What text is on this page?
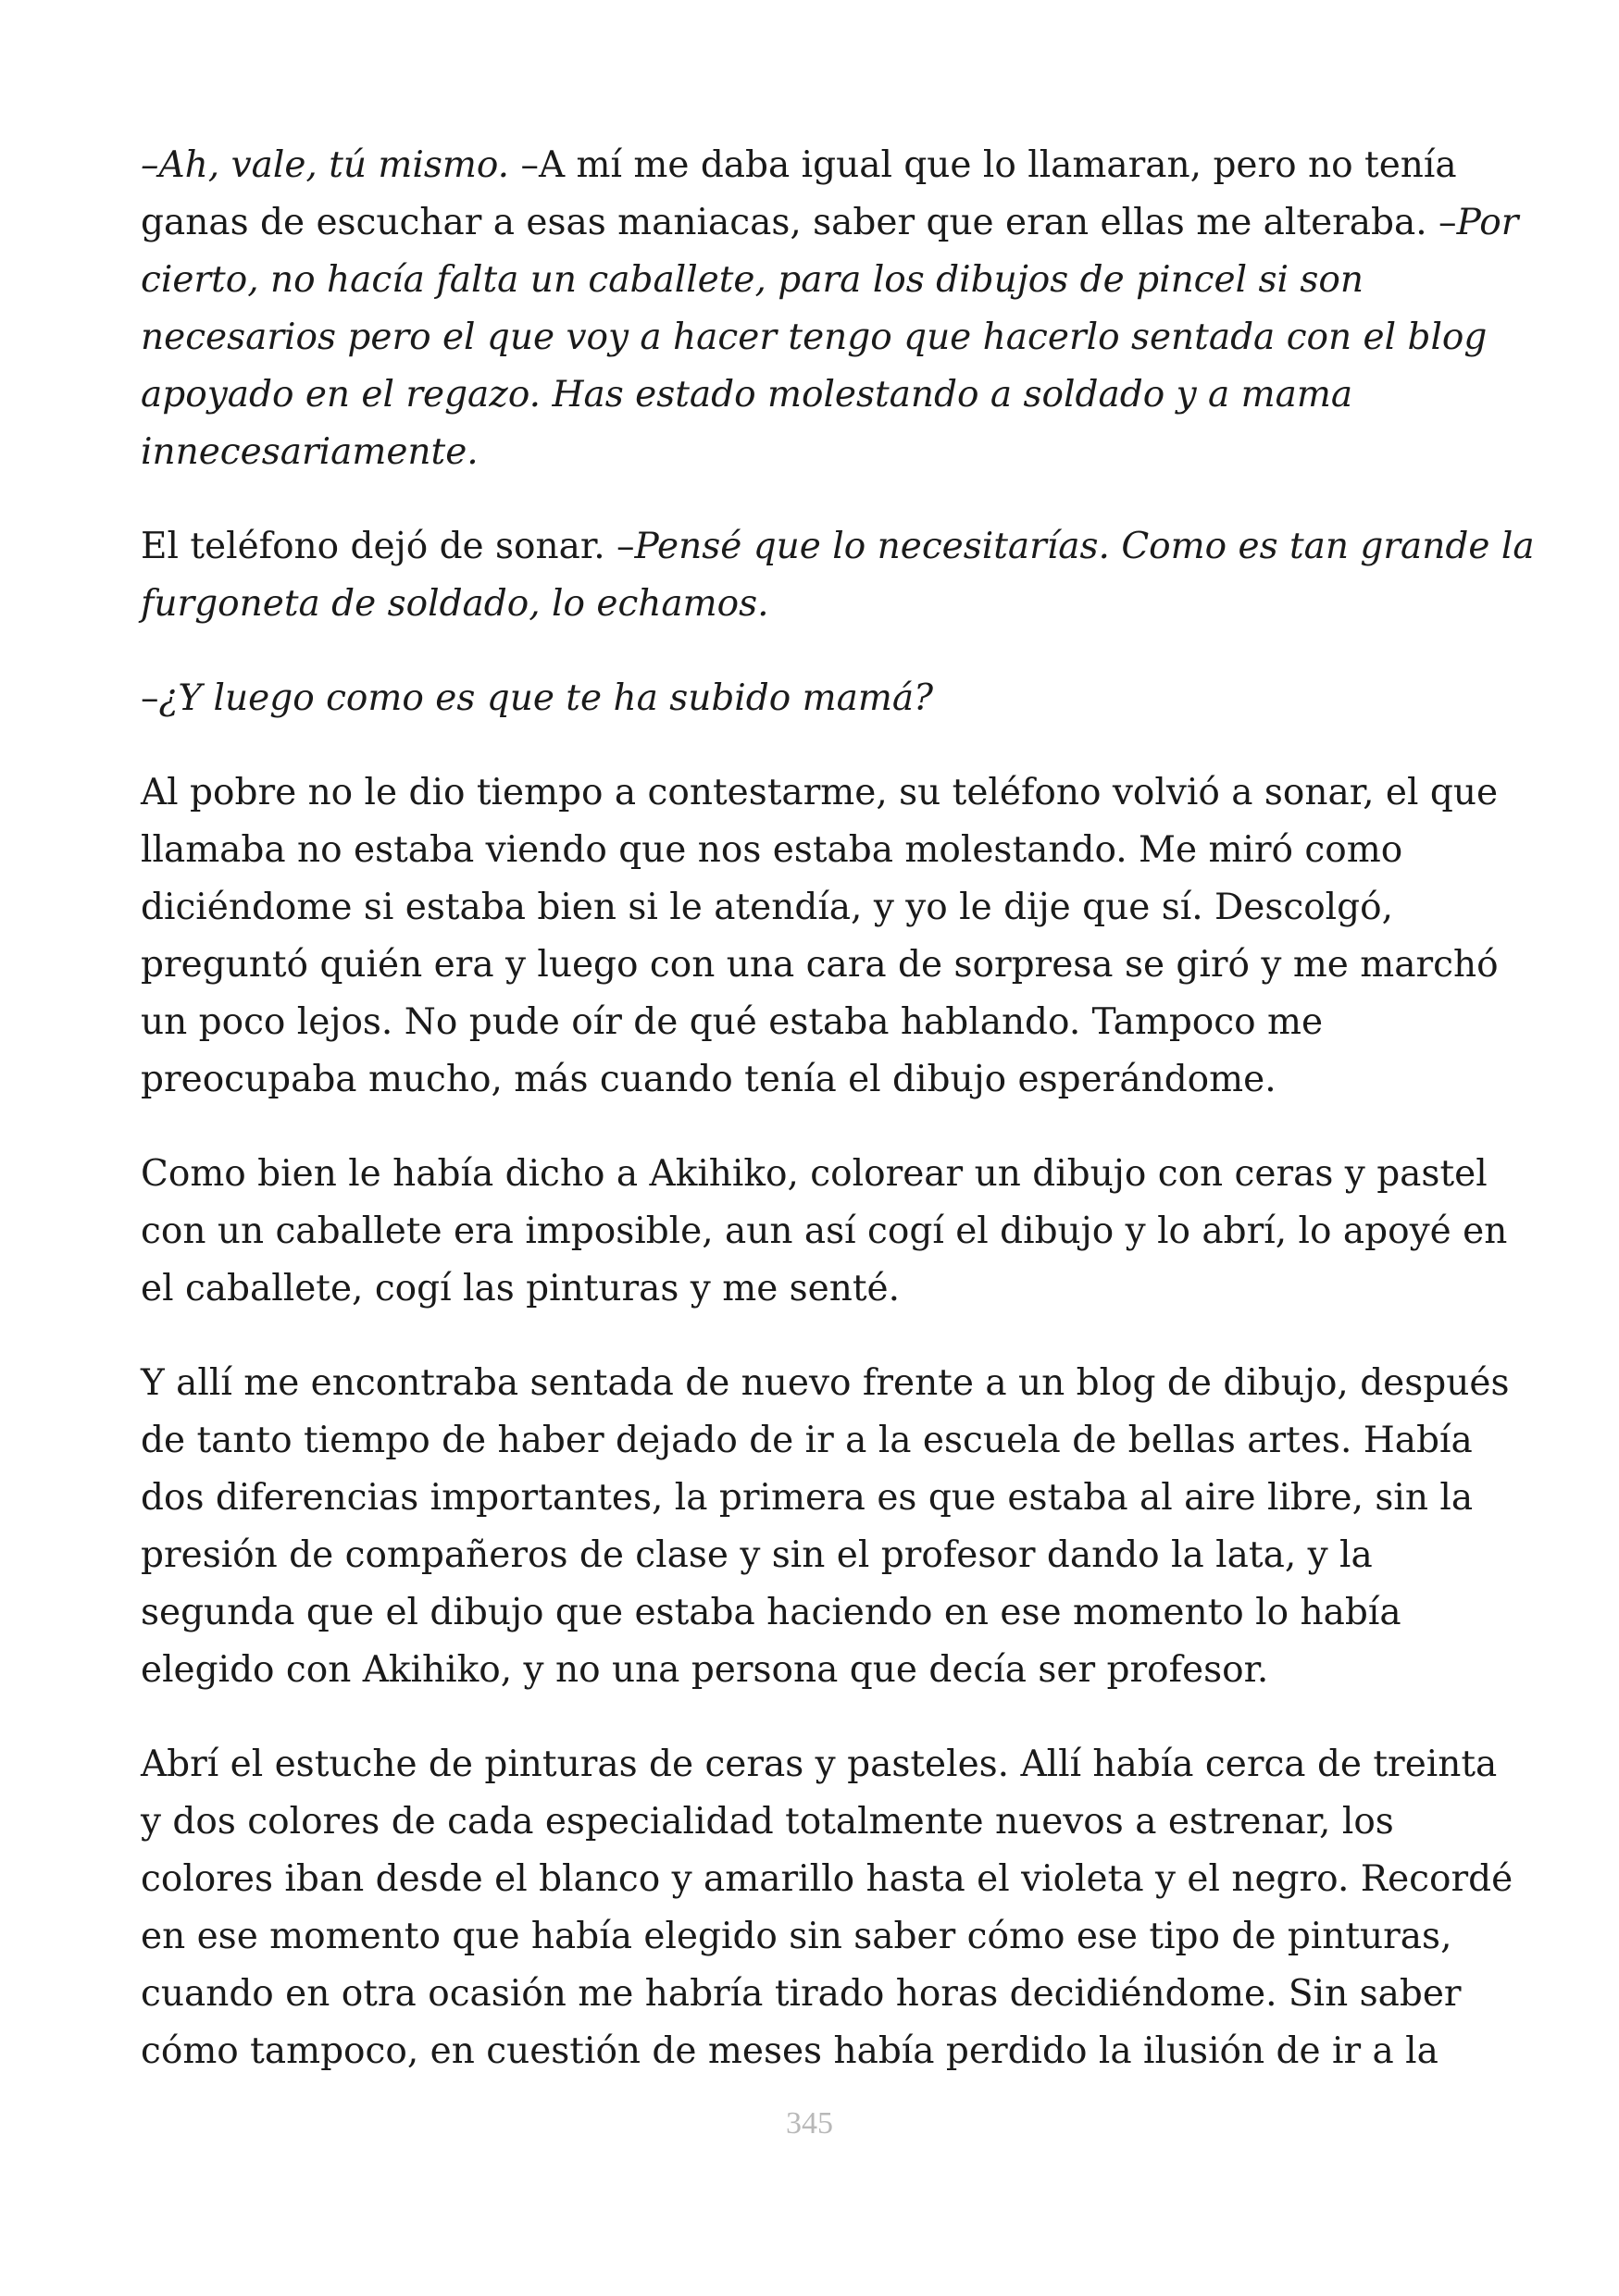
–Ah, vale, tú mismo. –A mí me daba igual que lo llamaran, pero no tenía
ganas de escuchar a esas maniacas, saber que eran ellas me alteraba. –Por
cierto, no hacía falta un caballete, para los dibujos de pincel si son
necesarios pero el que voy a hacer tengo que hacerlo sentada con el blog
apoyado en el regazo. Has estado molestando a soldado y a mama
innecesariamente.

El teléfono dejó de sonar. –Pensé que lo necesitarías. Como es tan grande la
furgoneta de soldado, lo echamos.

–¿Y luego como es que te ha subido mamá?

Al pobre no le dio tiempo a contestarme, su teléfono volvió a sonar, el que
llamaba no estaba viendo que nos estaba molestando. Me miró como
diciéndome si estaba bien si le atendía, y yo le dije que sí. Descolgó,
preguntó quién era y luego con una cara de sorpresa se giró y me marchó
un poco lejos. No pude oír de qué estaba hablando. Tampoco me
preocupaba mucho, más cuando tenía el dibujo esperándome.

Como bien le había dicho a Akihiko, colorear un dibujo con ceras y pastel
con un caballete era imposible, aun así cogí el dibujo y lo abrí, lo apoyé en
el caballete, cogí las pinturas y me senté.

Y allí me encontraba sentada de nuevo frente a un blog de dibujo, después
de tanto tiempo de haber dejado de ir a la escuela de bellas artes. Había
dos diferencias importantes, la primera es que estaba al aire libre, sin la
presión de compañeros de clase y sin el profesor dando la lata, y la
segunda que el dibujo que estaba haciendo en ese momento lo había
elegido con Akihiko, y no una persona que decía ser profesor.

Abrí el estuche de pinturas de ceras y pasteles. Allí había cerca de treinta
y dos colores de cada especialidad totalmente nuevos a estrenar, los
colores iban desde el blanco y amarillo hasta el violeta y el negro. Recordé
en ese momento que había elegido sin saber cómo ese tipo de pinturas,
cuando en otra ocasión me habría tirado horas decidiéndome. Sin saber
cómo tampoco, en cuestión de meses había perdido la ilusión de ir a la

345
